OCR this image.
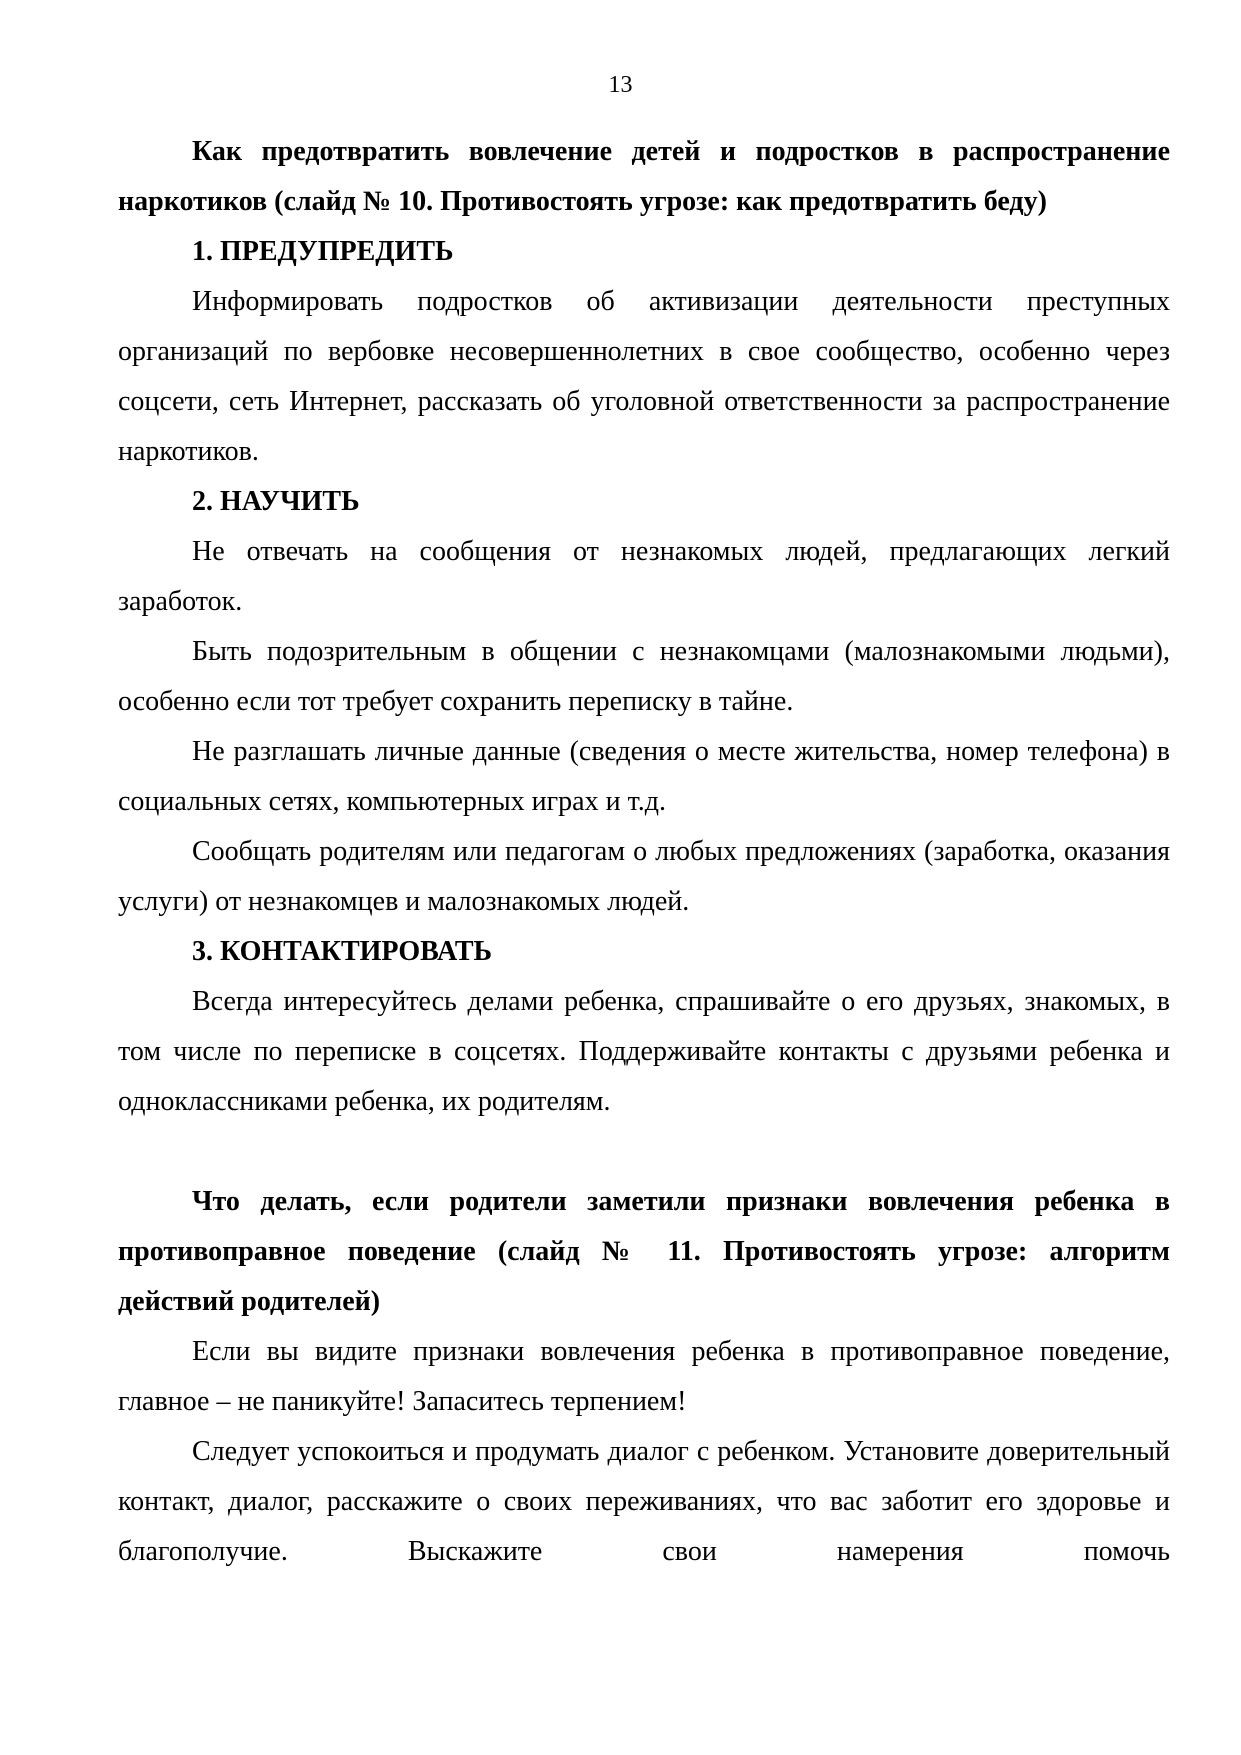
13

Как предотвратить вовлечение детей и подростков в распространение наркотиков (слайд № 10. Противостоять угрозе: как предотвратить беду)

1. ПРЕДУПРЕДИТЬ

Информировать подростков об активизации деятельности преступных организаций по вербовке несовершеннолетних в свое сообщество, особенно через соцсети, сеть Интернет, рассказать об уголовной ответственности за распространение наркотиков.

2. НАУЧИТЬ

Не отвечать на сообщения от незнакомых людей, предлагающих легкий заработок.

Быть подозрительным в общении с незнакомцами (малознакомыми людьми), особенно если тот требует сохранить переписку в тайне.

Не разглашать личные данные (сведения о месте жительства, номер телефона) в социальных сетях, компьютерных играх и т.д.

Сообщать родителям или педагогам о любых предложениях (заработка, оказания услуги) от незнакомцев и малознакомых людей.

3. КОНТАКТИРОВАТЬ

Всегда интересуйтесь делами ребенка, спрашивайте о его друзьях, знакомых, в том числе по переписке в соцсетях. Поддерживайте контакты с друзьями ребенка и одноклассниками ребенка, их родителям.

Что делать, если родители заметили признаки вовлечения ребенка в противоправное поведение (слайд № 11. Противостоять угрозе: алгоритм действий родителей)

Если вы видите признаки вовлечения ребенка в противоправное поведение, главное – не паникуйте! Запаситесь терпением!

Следует успокоиться и продумать диалог с ребенком. Установите доверительный контакт, диалог, расскажите о своих переживаниях, что вас заботит его здоровье и благополучие. Выскажите свои намерения помочь
